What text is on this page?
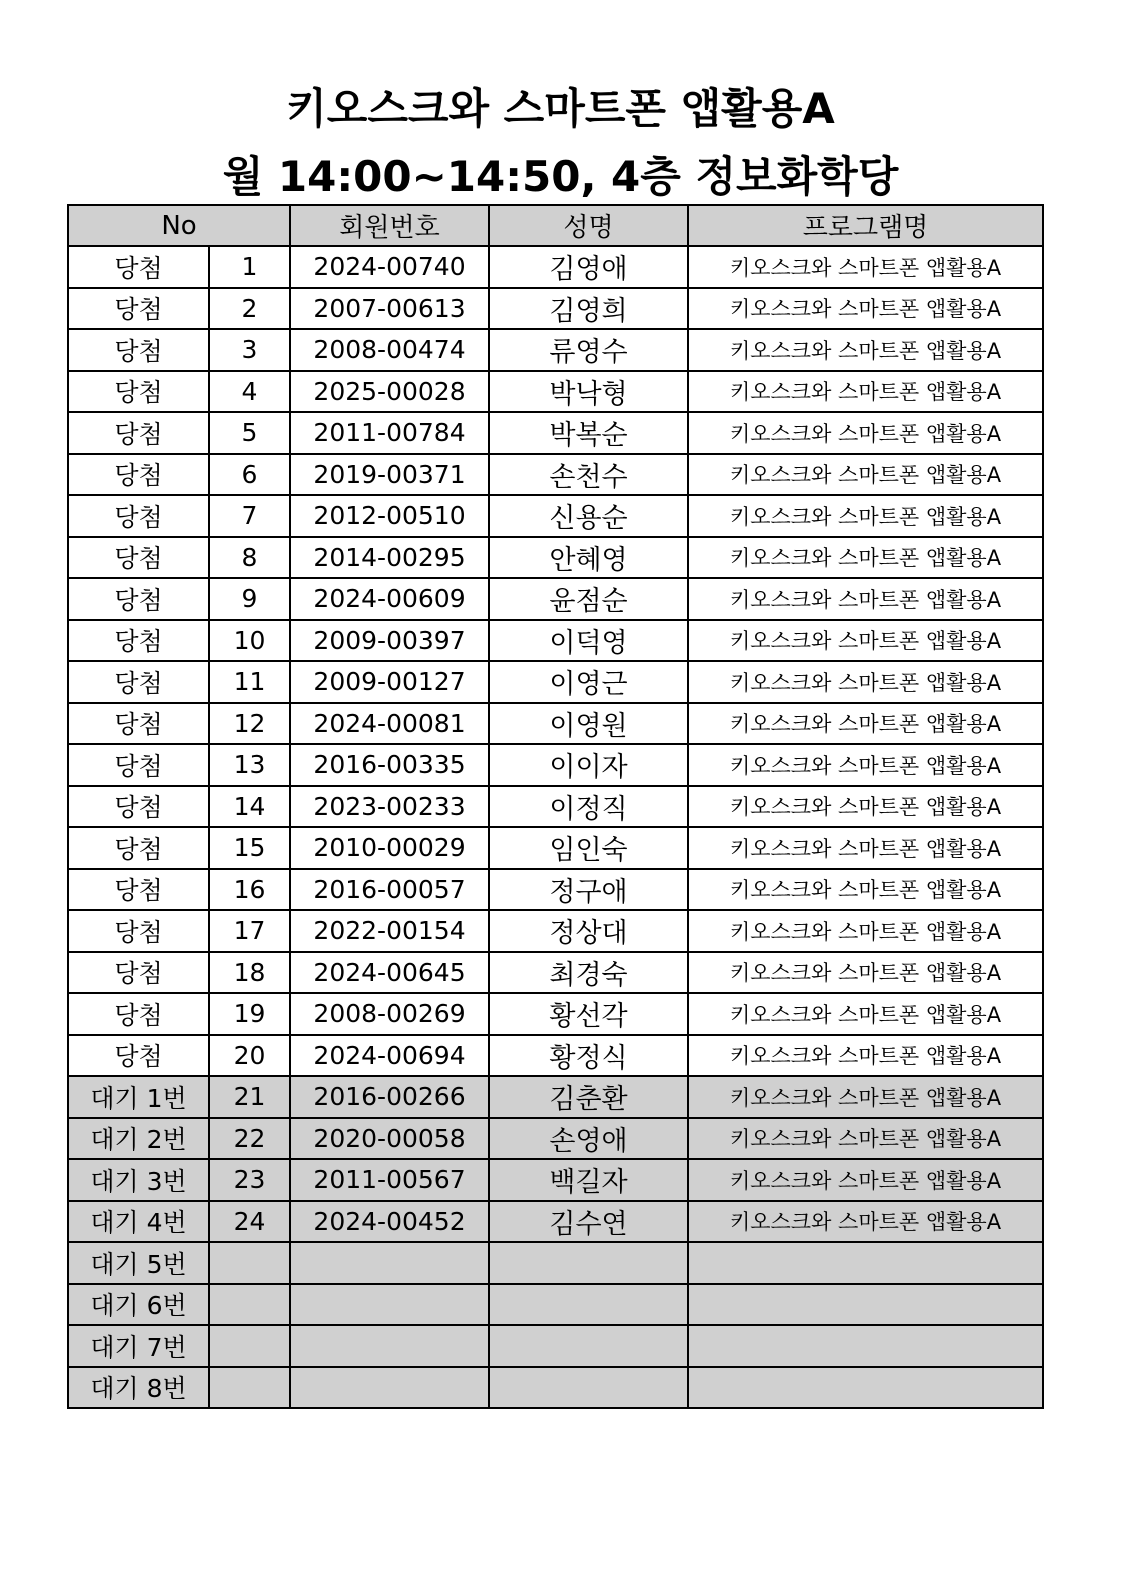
키오스크와 스마트폰 앱활용A
월 14:00~14:50, 4층 정보화학당
No		회원번호	성명	프로그램명
당첨	1	2024-00740	김영애	키오스크와 스마트폰 앱활용A
당첨	2	2007-00613	김영희	키오스크와 스마트폰 앱활용A
당첨	3	2008-00474	류영수	키오스크와 스마트폰 앱활용A
당첨	4	2025-00028	박낙형	키오스크와 스마트폰 앱활용A
당첨	5	2011-00784	박복순	키오스크와 스마트폰 앱활용A
당첨	6	2019-00371	손천수	키오스크와 스마트폰 앱활용A
당첨	7	2012-00510	신용순	키오스크와 스마트폰 앱활용A
당첨	8	2014-00295	안혜영	키오스크와 스마트폰 앱활용A
당첨	9	2024-00609	윤점순	키오스크와 스마트폰 앱활용A
당첨	10	2009-00397	이덕영	키오스크와 스마트폰 앱활용A
당첨	11	2009-00127	이영근	키오스크와 스마트폰 앱활용A
당첨	12	2024-00081	이영원	키오스크와 스마트폰 앱활용A
당첨	13	2016-00335	이이자	키오스크와 스마트폰 앱활용A
당첨	14	2023-00233	이정직	키오스크와 스마트폰 앱활용A
당첨	15	2010-00029	임인숙	키오스크와 스마트폰 앱활용A
당첨	16	2016-00057	정구애	키오스크와 스마트폰 앱활용A
당첨	17	2022-00154	정상대	키오스크와 스마트폰 앱활용A
당첨	18	2024-00645	최경숙	키오스크와 스마트폰 앱활용A
당첨	19	2008-00269	황선각	키오스크와 스마트폰 앱활용A
당첨	20	2024-00694	황정식	키오스크와 스마트폰 앱활용A
대기 1번	21	2016-00266	김춘환	키오스크와 스마트폰 앱활용A
대기 2번	22	2020-00058	손영애	키오스크와 스마트폰 앱활용A
대기 3번	23	2011-00567	백길자	키오스크와 스마트폰 앱활용A
대기 4번	24	2024-00452	김수연	키오스크와 스마트폰 앱활용A
대기 5번				
대기 6번				
대기 7번				
대기 8번				
